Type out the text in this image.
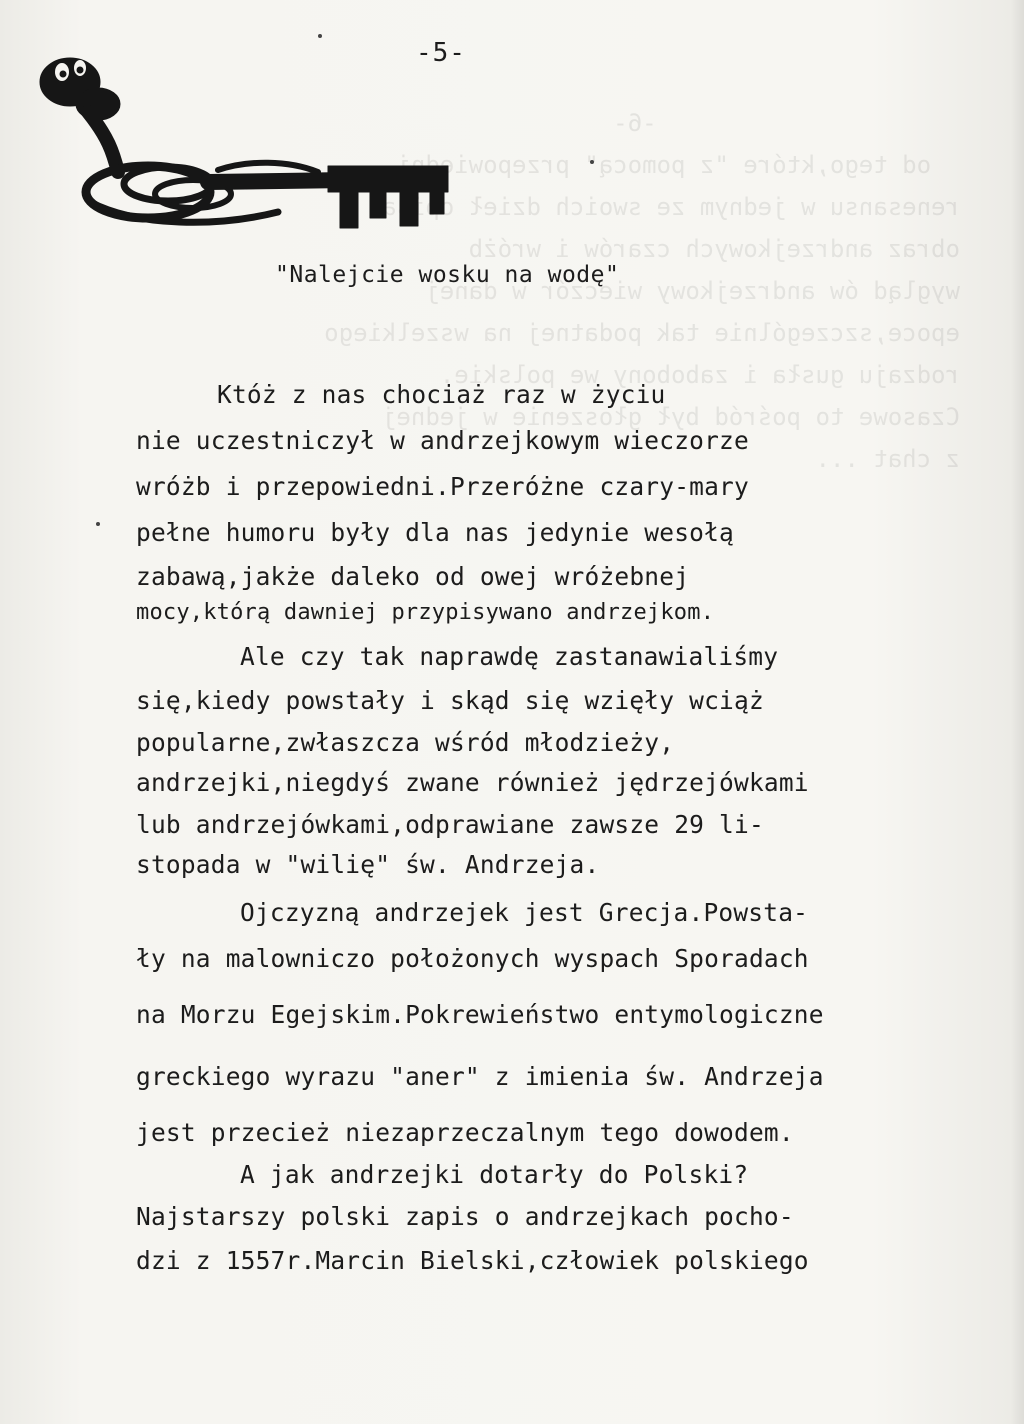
-6-
od tego,które "z pomocą" przepowiedni
renesansu w jednym ze swoich dzieł
obraz andrzejkowych czarów i wróżb
wygląd ów andrzejkowy wieczór w danej
epoce,szczególnie tak podatnej na wszelkiego
rodzaju gusła i zabobony we polskie.
Czasowe to pośród był głoszenie w jednej
z chat ...

-5-
"Nalejcie wosku na wodę"
Któż z nas chociaż raz w życiu
nie uczestniczył w andrzejkowym wieczorze
wróżb i przepowiedni.Przeróżne czary-mary
pełne humoru były dla nas jedynie wesołą
zabawą,jakże daleko od owej wróżebnej
mocy,którą dawniej przypisywano andrzejkom.
Ale czy tak naprawdę zastanawialiśmy
się,kiedy powstały i skąd się wzięły wciąż
popularne,zwłaszcza wśród młodzieży,
andrzejki,niegdyś zwane również jędrzejówkami
lub andrzejówkami,odprawiane zawsze 29 li-
stopada w "wilię" św. Andrzeja.
Ojczyzną andrzejek jest Grecja.Powsta-
ły na malowniczo położonych wyspach Sporadach
na Morzu Egejskim.Pokrewieństwo entymologiczne
greckiego wyrazu "aner" z imienia św. Andrzeja
jest przecież niezaprzeczalnym tego dowodem.
A jak andrzejki dotarły do Polski?
Najstarszy polski zapis o andrzejkach pocho-
dzi z 1557r.Marcin Bielski,człowiek polskiego
